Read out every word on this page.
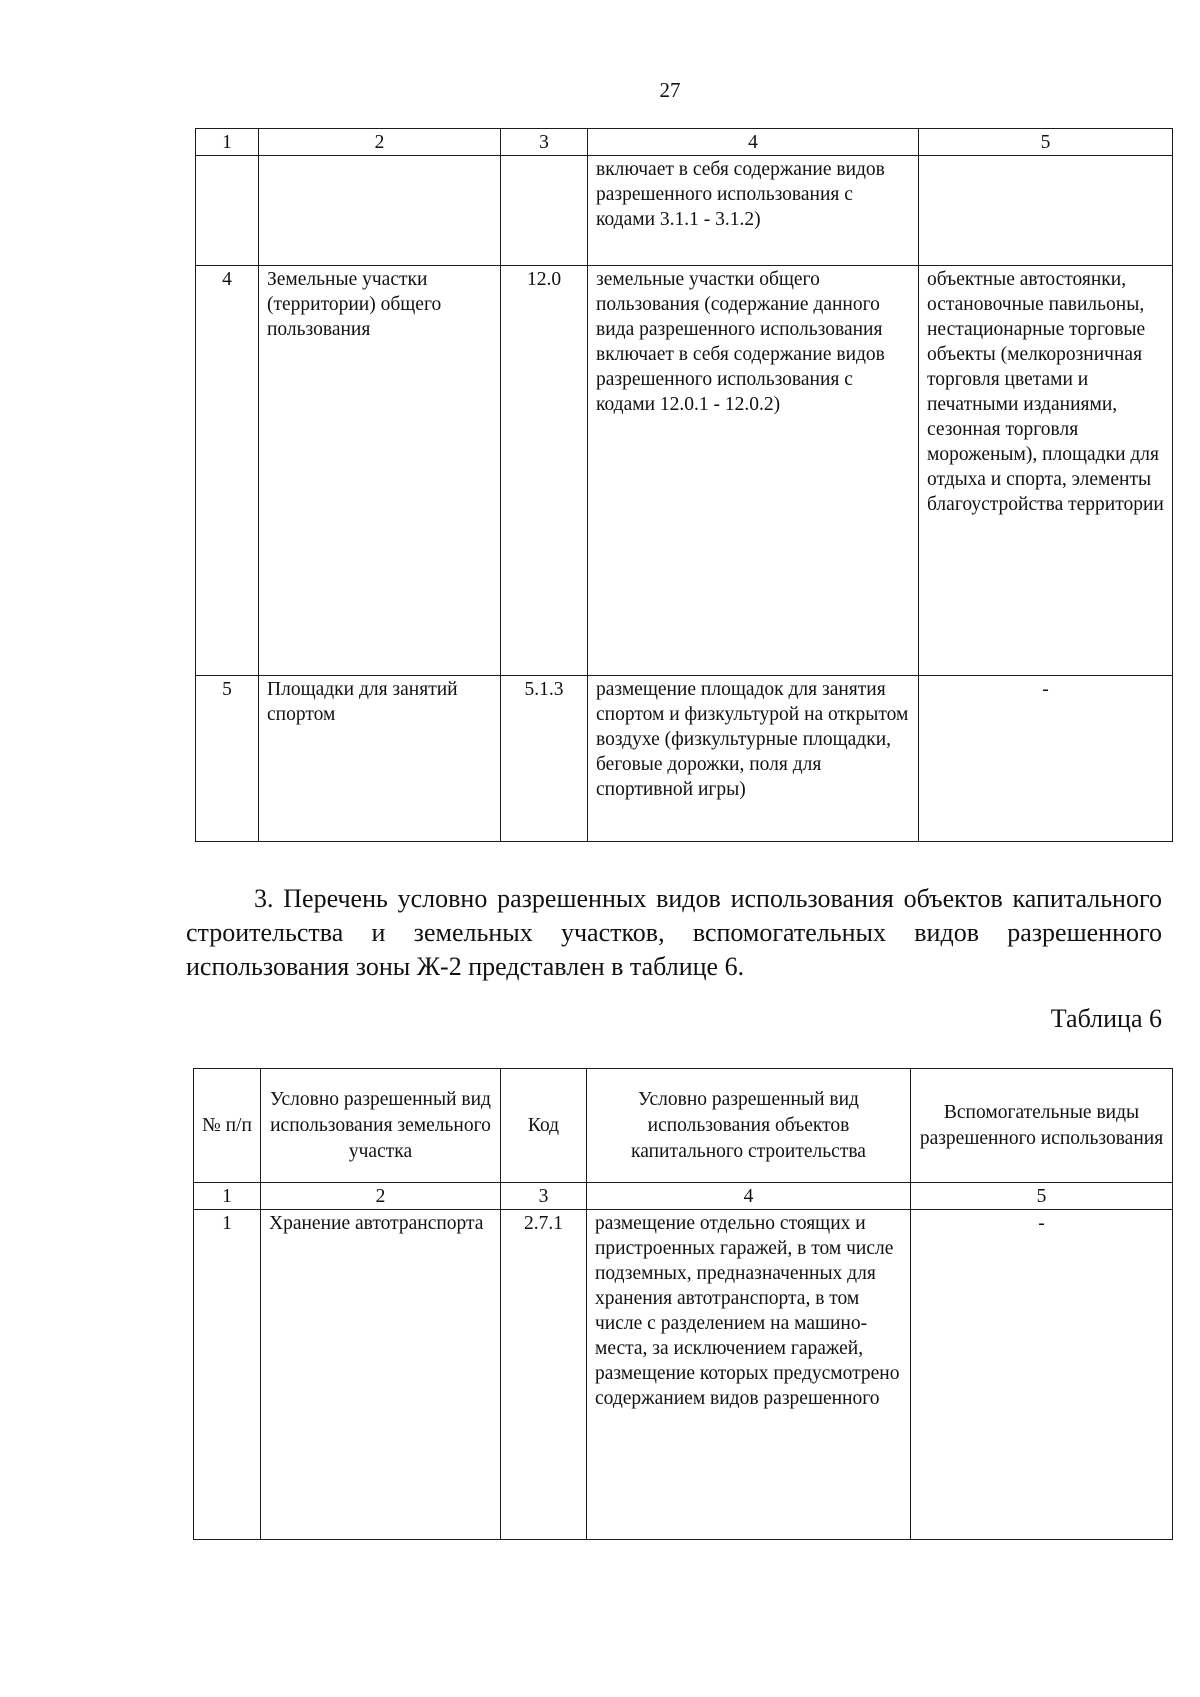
27
1	2	3	4	5
			включает в себя содержание видов разрешенного использования с кодами 3.1.1 - 3.1.2)	
4	Земельные участки (территории) общего пользования	12.0	земельные участки общего пользования (содержание данного вида разрешенного использования включает в себя содержание видов разрешенного использования с кодами 12.0.1 - 12.0.2)	объектные автостоянки, остановочные павильоны, нестационарные торговые объекты (мелкорозничная торговля цветами и печатными изданиями, сезонная торговля мороженым), площадки для отдыха и спорта, элементы благоустройства территории
5	Площадки для занятий спортом	5.1.3	размещение площадок для занятия спортом и физкультурой на открытом воздухе (физкультурные площадки, беговые дорожки, поля для спортивной игры)	-
3. Перечень условно разрешенных видов использования объектов капитального строительства и земельных участков, вспомогательных видов разрешенного использования зоны Ж-2 представлен в таблице 6.
Таблица 6
№ п/п	Условно разрешенный вид использования земельного участка	Код	Условно разрешенный вид использования объектов капитального строительства	Вспомогательные виды разрешенного использования
1	2	3	4	5
1	Хранение автотранспорта	2.7.1	размещение отдельно стоящих и пристроенных гаражей, в том числе подземных, предназначенных для хранения автотранспорта, в том числе с разделением на машино-места, за исключением гаражей, размещение которых предусмотрено содержанием видов разрешенного	-
